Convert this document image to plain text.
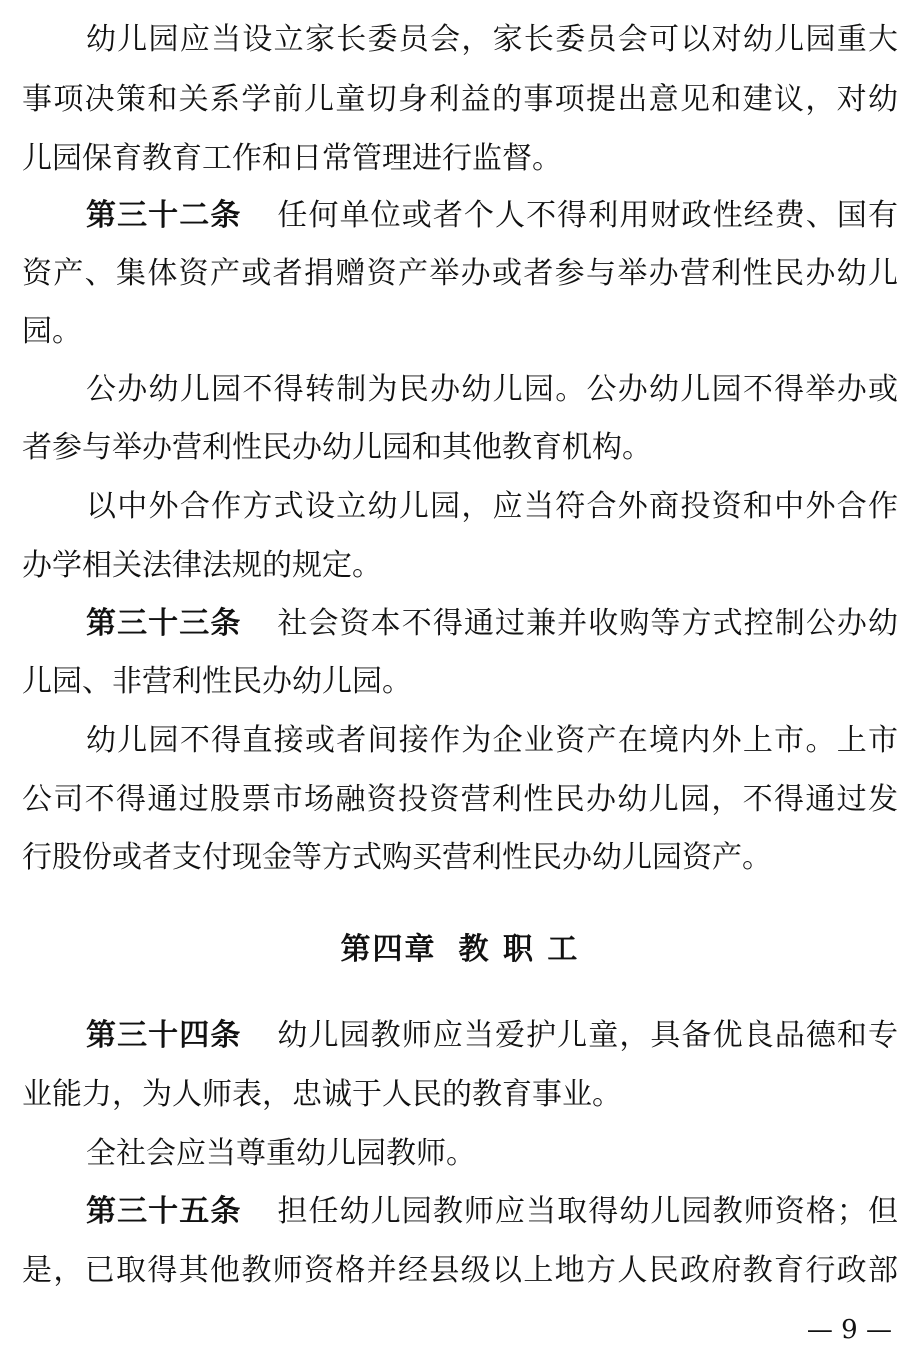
幼儿园应当设立家长委员会，家长委员会可以对幼儿园重大
事项决策和关系学前儿童切身利益的事项提出意见和建议，对幼
儿园保育教育工作和日常管理进行监督。
第三十二条 任何单位或者个人不得利用财政性经费、国有
资产、集体资产或者捐赠资产举办或者参与举办营利性民办幼儿
园。
公办幼儿园不得转制为民办幼儿园。公办幼儿园不得举办或
者参与举办营利性民办幼儿园和其他教育机构。
以中外合作方式设立幼儿园，应当符合外商投资和中外合作
办学相关法律法规的规定。
第三十三条 社会资本不得通过兼并收购等方式控制公办幼
儿园、非营利性民办幼儿园。
幼儿园不得直接或者间接作为企业资产在境内外上市。上市
公司不得通过股票市场融资投资营利性民办幼儿园，不得通过发
行股份或者支付现金等方式购买营利性民办幼儿园资产。
第四章 教 职 工
第三十四条 幼儿园教师应当爱护儿童，具备优良品德和专
业能力，为人师表，忠诚于人民的教育事业。
全社会应当尊重幼儿园教师。
第三十五条 担任幼儿园教师应当取得幼儿园教师资格；但
是，已取得其他教师资格并经县级以上地方人民政府教育行政部
— 9 —
